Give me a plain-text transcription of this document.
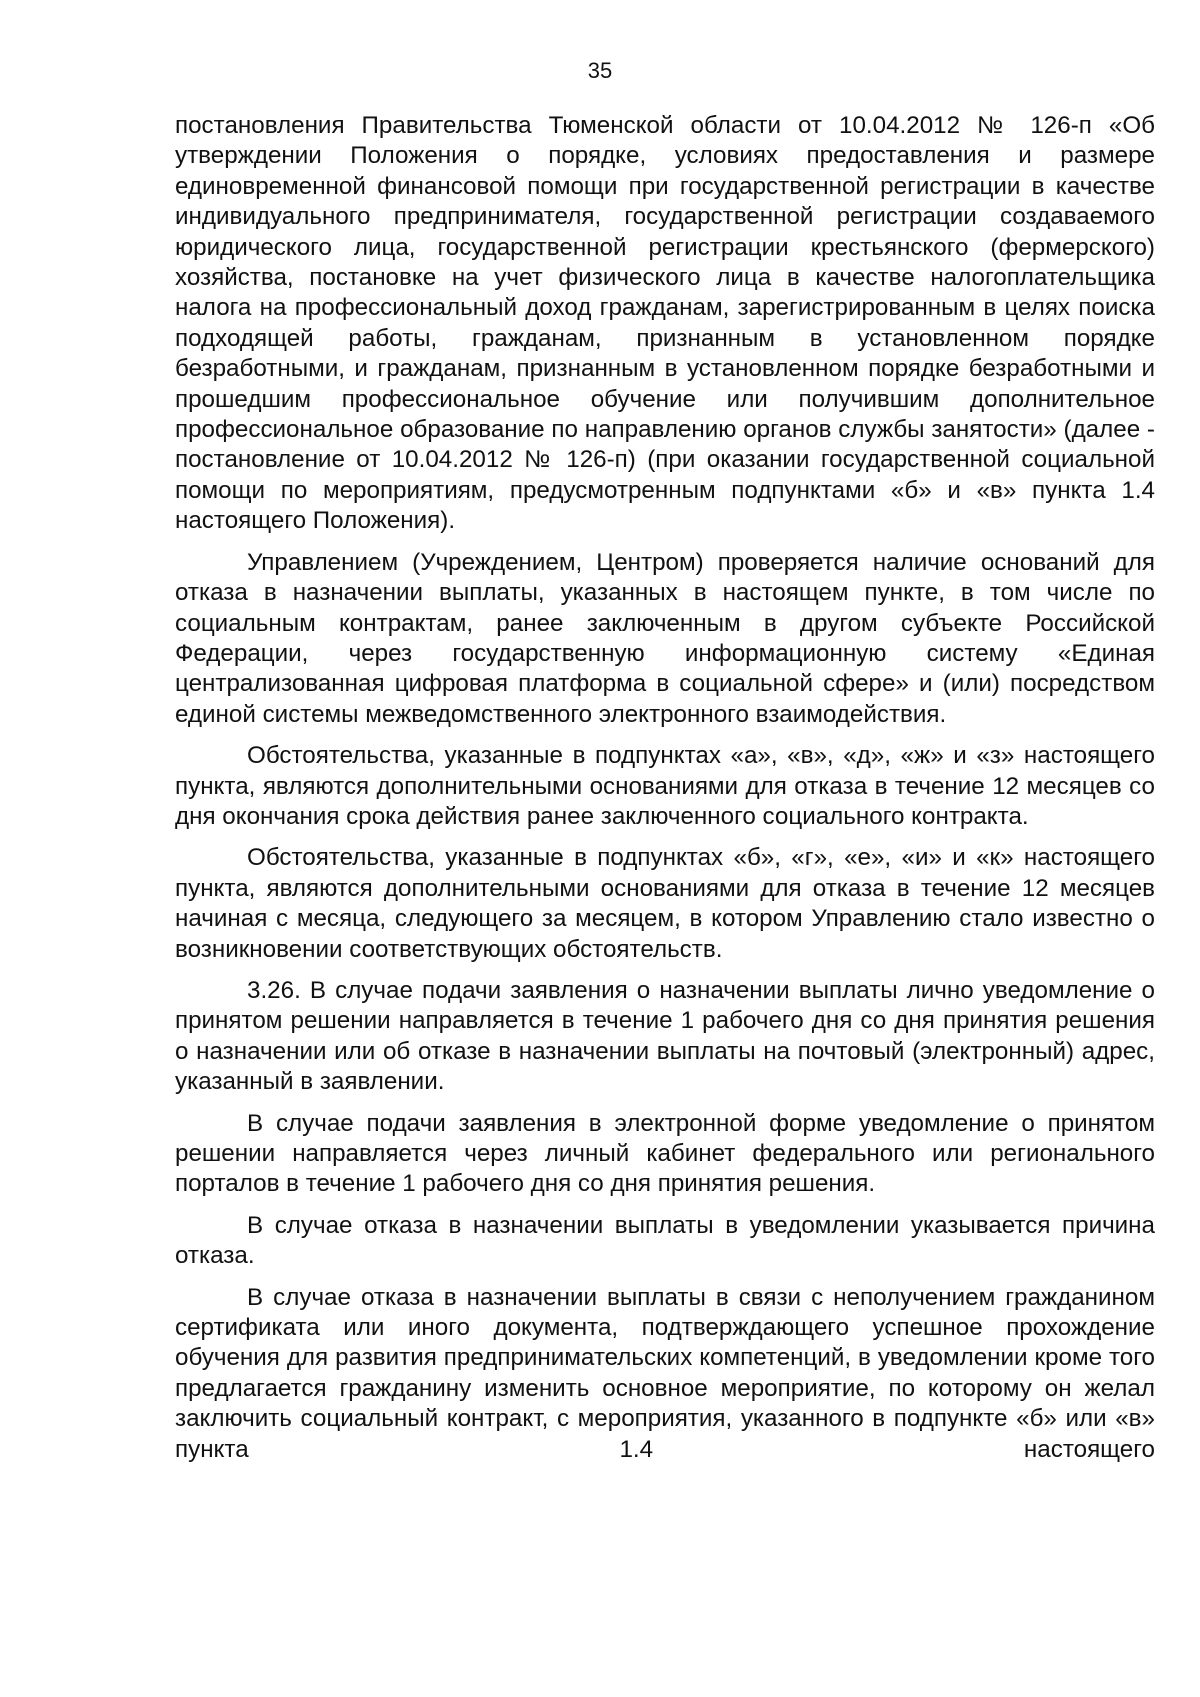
35

постановления Правительства Тюменской области от 10.04.2012 № 126-п «Об утверждении Положения о порядке, условиях предоставления и размере единовременной финансовой помощи при государственной регистрации в качестве индивидуального предпринимателя, государственной регистрации создаваемого юридического лица, государственной регистрации крестьянского (фермерского) хозяйства, постановке на учет физического лица в качестве налогоплательщика налога на профессиональный доход гражданам, зарегистрированным в целях поиска подходящей работы, гражданам, признанным в установленном порядке безработными, и гражданам, признанным в установленном порядке безработными и прошедшим профессиональное обучение или получившим дополнительное профессиональное образование по направлению органов службы занятости» (далее - постановление от 10.04.2012 № 126-п) (при оказании государственной социальной помощи по мероприятиям, предусмотренным подпунктами «б» и «в» пункта 1.4 настоящего Положения).

Управлением (Учреждением, Центром) проверяется наличие оснований для отказа в назначении выплаты, указанных в настоящем пункте, в том числе по социальным контрактам, ранее заключенным в другом субъекте Российской Федерации, через государственную информационную систему «Единая централизованная цифровая платформа в социальной сфере» и (или) посредством единой системы межведомственного электронного взаимодействия.

Обстоятельства, указанные в подпунктах «а», «в», «д», «ж» и «з» настоящего пункта, являются дополнительными основаниями для отказа в течение 12 месяцев со дня окончания срока действия ранее заключенного социального контракта.

Обстоятельства, указанные в подпунктах «б», «г», «е», «и» и «к» настоящего пункта, являются дополнительными основаниями для отказа в течение 12 месяцев начиная с месяца, следующего за месяцем, в котором Управлению стало известно о возникновении соответствующих обстоятельств.

3.26. В случае подачи заявления о назначении выплаты лично уведомление о принятом решении направляется в течение 1 рабочего дня со дня принятия решения о назначении или об отказе в назначении выплаты на почтовый (электронный) адрес, указанный в заявлении.

В случае подачи заявления в электронной форме уведомление о принятом решении направляется через личный кабинет федерального или регионального порталов в течение 1 рабочего дня со дня принятия решения.

В случае отказа в назначении выплаты в уведомлении указывается причина отказа.

В случае отказа в назначении выплаты в связи с неполучением гражданином сертификата или иного документа, подтверждающего успешное прохождение обучения для развития предпринимательских компетенций, в уведомлении кроме того предлагается гражданину изменить основное мероприятие, по которому он желал заключить социальный контракт, с мероприятия, указанного в подпункте «б» или «в» пункта 1.4 настоящего
